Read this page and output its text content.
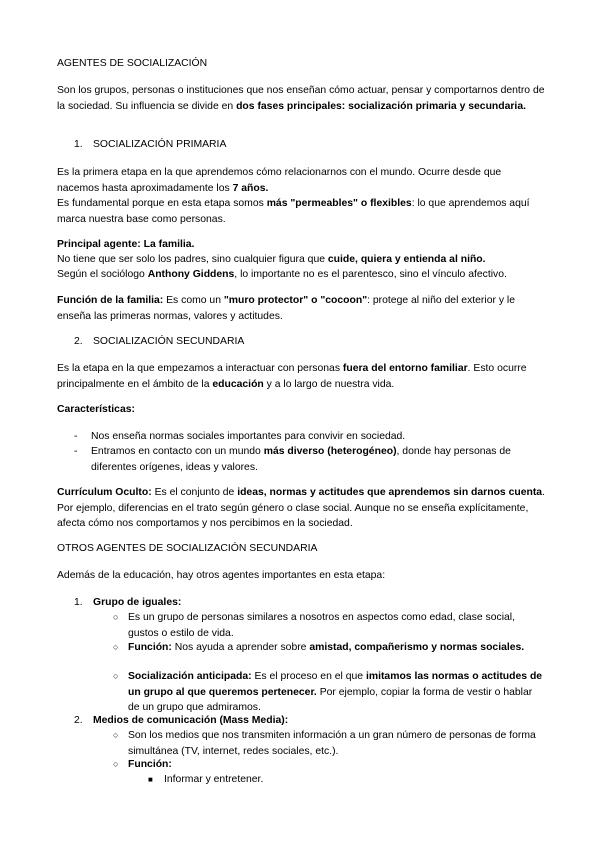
AGENTES DE SOCIALIZACIÓN

Son los grupos, personas o instituciones que nos enseñan cómo actuar, pensar y comportarnos dentro de la sociedad. Su influencia se divide en dos fases principales: socialización primaria y secundaria.

1. SOCIALIZACIÓN PRIMARIA

Es la primera etapa en la que aprendemos cómo relacionarnos con el mundo. Ocurre desde que nacemos hasta aproximadamente los 7 años.

Es fundamental porque en esta etapa somos más "permeables" o flexibles: lo que aprendemos aquí marca nuestra base como personas.

Principal agente: La familia.

No tiene que ser solo los padres, sino cualquier figura que cuide, quiera y entienda al niño.

Según el sociólogo Anthony Giddens, lo importante no es el parentesco, sino el vínculo afectivo.

Función de la familia: Es como un "muro protector" o "cocoon": protege al niño del exterior y le enseña las primeras normas, valores y actitudes.

2. SOCIALIZACIÓN SECUNDARIA

Es la etapa en la que empezamos a interactuar con personas fuera del entorno familiar. Esto ocurre principalmente en el ámbito de la educación y a lo largo de nuestra vida.

Características:

- Nos enseña normas sociales importantes para convivir en sociedad.
- Entramos en contacto con un mundo más diverso (heterogéneo), donde hay personas de diferentes orígenes, ideas y valores.

Currículum Oculto: Es el conjunto de ideas, normas y actitudes que aprendemos sin darnos cuenta. Por ejemplo, diferencias en el trato según género o clase social. Aunque no se enseña explícitamente, afecta cómo nos comportamos y nos percibimos en la sociedad.

OTROS AGENTES DE SOCIALIZACIÓN SECUNDARIA

Además de la educación, hay otros agentes importantes en esta etapa:

1. Grupo de iguales:
○ Es un grupo de personas similares a nosotros en aspectos como edad, clase social, gustos o estilo de vida.
○ Función: Nos ayuda a aprender sobre amistad, compañerismo y normas sociales.
○ Socialización anticipada: Es el proceso en el que imitamos las normas o actitudes de un grupo al que queremos pertenecer. Por ejemplo, copiar la forma de vestir o hablar de un grupo que admiramos.
2. Medios de comunicación (Mass Media):
○ Son los medios que nos transmiten información a un gran número de personas de forma simultánea (TV, internet, redes sociales, etc.).
○ Función:
■ Informar y entretener.
